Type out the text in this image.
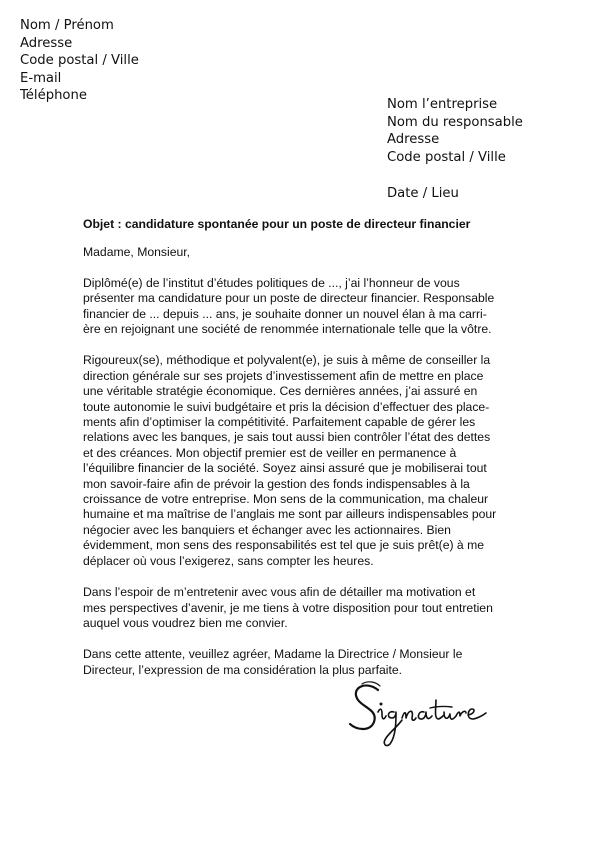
Nom / Prénom
Adresse
Code postal / Ville
E-mail
Téléphone
Nom l’entreprise
Nom du responsable
Adresse
Code postal / Ville
Date / Lieu
Objet : candidature spontanée pour un poste de directeur financier

Madame, Monsieur,

Diplômé(e) de l’institut d’études politiques de ..., j’ai l’honneur de vous

présenter ma candidature pour un poste de directeur financier. Responsable

financier de ... depuis ... ans, je souhaite donner un nouvel élan à ma carri-

ère en rejoignant une société de renommée internationale telle que la vôtre.

Rigoureux(se), méthodique et polyvalent(e), je suis à même de conseiller la

direction générale sur ses projets d’investissement afin de mettre en place

une véritable stratégie économique. Ces dernières années, j’ai assuré en

toute autonomie le suivi budgétaire et pris la décision d’effectuer des place-

ments afin d’optimiser la compétitivité. Parfaitement capable de gérer les

relations avec les banques, je sais tout aussi bien contrôler l’état des dettes

et des créances. Mon objectif premier est de veiller en permanence à

l’équilibre financier de la société. Soyez ainsi assuré que je mobiliserai tout

mon savoir-faire afin de prévoir la gestion des fonds indispensables à la

croissance de votre entreprise. Mon sens de la communication, ma chaleur

humaine et ma maîtrise de l’anglais me sont par ailleurs indispensables pour

négocier avec les banquiers et échanger avec les actionnaires. Bien

évidemment, mon sens des responsabilités est tel que je suis prêt(e) à me

déplacer où vous l’exigerez, sans compter les heures.

Dans l’espoir de m’entretenir avec vous afin de détailler ma motivation et

mes perspectives d’avenir, je me tiens à votre disposition pour tout entretien

auquel vous voudrez bien me convier.

Dans cette attente, veuillez agréer, Madame la Directrice / Monsieur le

Directeur, l’expression de ma considération la plus parfaite.
